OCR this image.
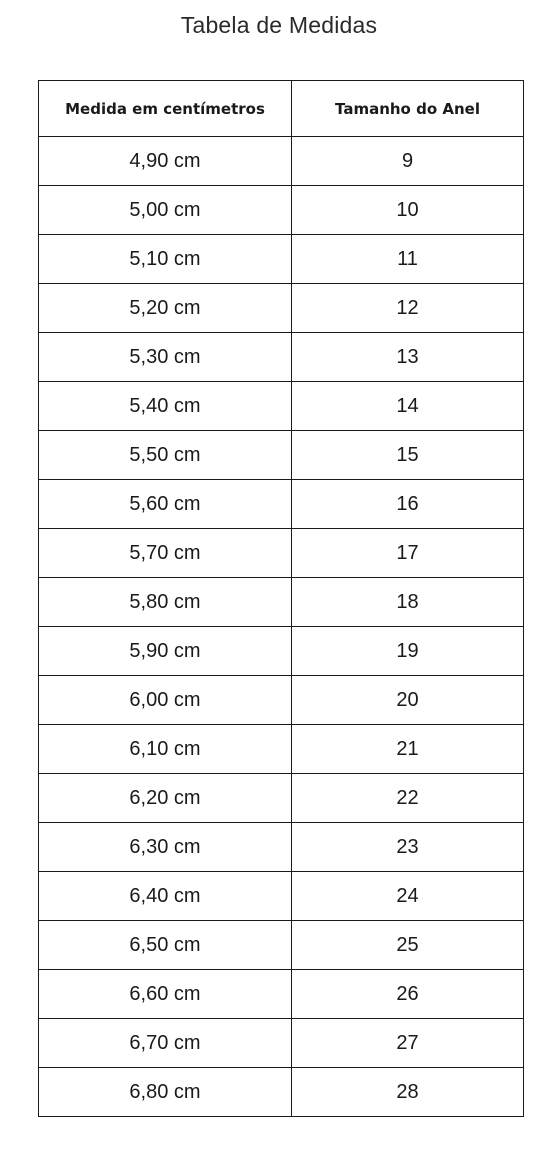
Tabela de Medidas
Medida em centímetros	Tamanho do Anel
4,90 cm	9
5,00 cm	10
5,10 cm	11
5,20 cm	12
5,30 cm	13
5,40 cm	14
5,50 cm	15
5,60 cm	16
5,70 cm	17
5,80 cm	18
5,90 cm	19
6,00 cm	20
6,10 cm	21
6,20 cm	22
6,30 cm	23
6,40 cm	24
6,50 cm	25
6,60 cm	26
6,70 cm	27
6,80 cm	28
